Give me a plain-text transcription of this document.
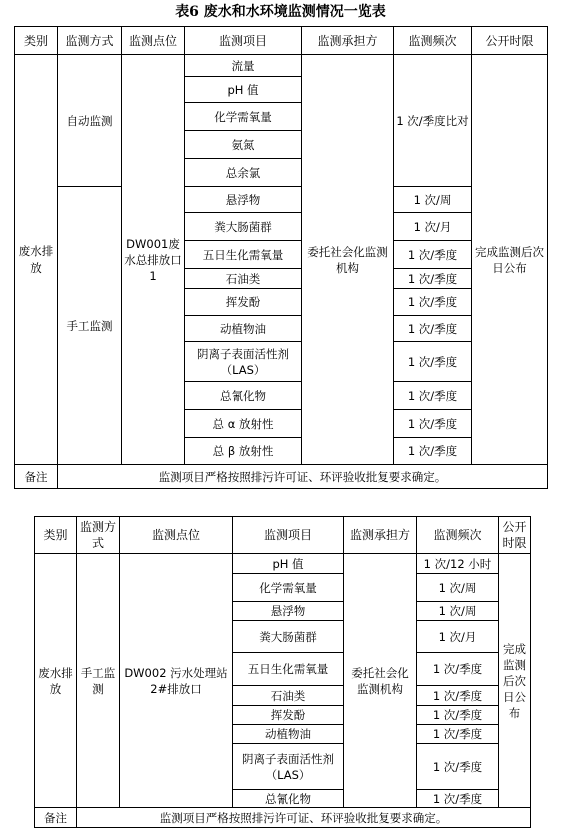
表6 废水和水环境监测情况一览表
类别	监测方式	监测点位	监测项目	监测承担方	监测频次	公开时限
废水排放	自动监测	DW001废水总排放口 1	流量	委托社会化监测机构	1 次/季度比对	完成监测后次日公布
			pH 值			
			化学需氧量			
			氨氮			
			总余氯			
	手工监测		悬浮物		1 次/周	
			粪大肠菌群		1 次/月	
			五日生化需氧量		1 次/季度	
			石油类		1 次/季度	
			挥发酚		1 次/季度	
			动植物油		1 次/季度	
			阴离子表面活性剂（LAS）		1 次/季度	
			总氰化物		1 次/季度	
			总 α 放射性		1 次/季度	
			总 β 放射性		1 次/季度	
备注	监测项目严格按照排污许可证、环评验收批复要求确定。					
类别	监测方式	监测点位	监测项目	监测承担方	监测频次	公开时限
废水排放	手工监测	DW002 污水处理站 2#排放口	pH 值	委托社会化监测机构	1 次/12 小时	完成监测后次日公布
			化学需氧量		1 次/周	
			悬浮物		1 次/周	
			粪大肠菌群		1 次/月	
			五日生化需氧量		1 次/季度	
			石油类		1 次/季度	
			挥发酚		1 次/季度	
			动植物油		1 次/季度	
			阴离子表面活性剂（LAS）		1 次/季度	
			总氰化物		1 次/季度	
备注	监测项目严格按照排污许可证、环评验收批复要求确定。					
